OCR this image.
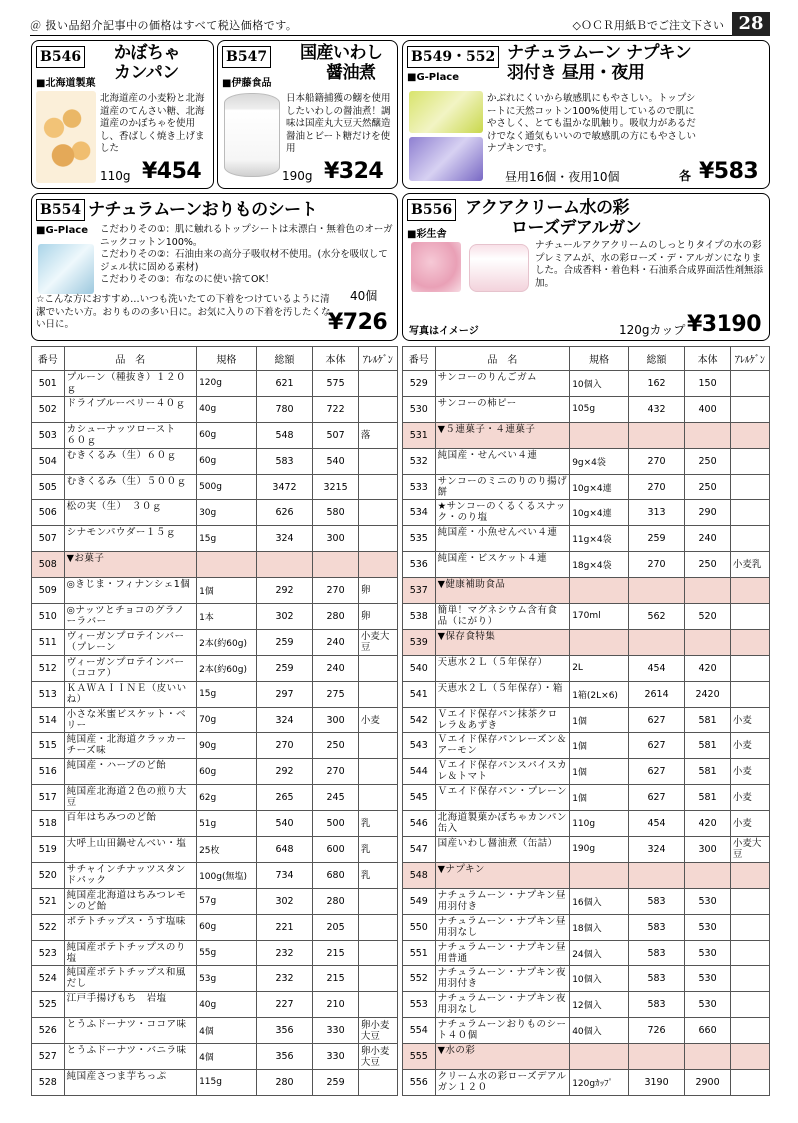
＠ 扱い品紹介記事中の価格はすべて税込価格です。	◇ＯＣＲ用紙Ｂでご注文下さい 28
B546 かぼちゃ
カンパン
■北海道製菓
北海道産の小麦粉と北海道産のてんさい糖、北海道産のかぼちゃを使用し、香ばしく焼き上げました
110g ¥454
B547 国産いわし
醤油煮
■伊藤食品
日本船籍捕獲の鰯を使用したいわしの醤油煮！調味は国産丸大豆天然醸造醤油とビート糖だけを使用
190g ¥324
B549・552 ナチュラムーン ナプキン
羽付き 昼用・夜用
■G-Place
かぶれにくいから敏感肌にもやさしい。トップシートに天然コットン100%使用しているので肌にやさしく、とても温かな肌触り。吸収力があるだけでなく通気もいいので敏感肌の方にもやさしいナプキンです。
昼用16個・夜用10個	各 ¥583
B554 ナチュラムーンおりものシート
■G-Place こだわりその①：肌に触れるトップシートは未漂白・無着色のオーガニックコットン100%。
こだわりその②：石油由来の高分子吸収材不使用。(水分を吸収してジェル状に固める素材)
こだわりその③：布なのに使い捨てOK！
☆こんな方におすすめ…いつも洗いたての下着をつけているように清潔でいたい方。おりものの多い日に。お気に入りの下着を汚したくない日に。
40個
¥726
B556 アクアクリーム水の彩
ローズデアルガン
■彩生舎
ナチュールアクアクリームのしっとりタイプの水の彩プレミアムが、水の彩ローズ・デ・アルガンになりました。合成香料・着色料・石油系合成界面活性剤無添加。
写真はイメージ	120gカップ ¥3190
番号	品　名	規格	総額	本体	ｱﾚﾙｹﾞﾝ
501	プルーン（種抜き）１２０ｇ	120g	621	575	
502	ドライブルーベリー４０ｇ	40g	780	722	
503	カシューナッツロースト　６０ｇ	60g	548	507	落
504	むきくるみ（生）６０ｇ	60g	583	540	
505	むきくるみ（生）５００ｇ	500g	3472	3215	
506	松の実（生）　３０ｇ	30g	626	580	
507	シナモンパウダー１５ｇ	15g	324	300	
508	▼お菓子				
509	◎きじま・フィナンシェ1個	1個	292	270	卵
510	◎ナッツとチョコのグラノーラバー	1本	302	280	卵
511	ヴィーガンプロテインバー（プレーン	2本(約60g)	259	240	小麦大豆
512	ヴィーガンプロテインバー（ココア）	2本(約60g)	259	240	
513	ＫＡＷＡＩＩＮＥ（皮いいね）	15g	297	275	
514	小さな米蜜ビスケット・ベリー	70g	324	300	小麦
515	純国産・北海道クラッカーチーズ味	90g	270	250	
516	純国産・ハーブのど飴	60g	292	270	
517	純国産北海道２色の煎り大豆	62g	265	245	
518	百年はちみつのど飴	51g	540	500	乳
519	大呼上山田鍋せんべい・塩	25枚	648	600	乳
520	サチャインチナッツスタンドパック	100g(無塩)	734	680	乳
521	純国産北海道はちみつレモンのど飴	57g	302	280	
522	ポテトチップス・うす塩味	60g	221	205	
523	純国産ポテトチップスのり塩	55g	232	215	
524	純国産ポテトチップス和風だし	53g	232	215	
525	江戸手揚げもち　岩塩	40g	227	210	
526	とうふドーナツ・ココア味	4個	356	330	卵小麦大豆
527	とうふドーナツ・バニラ味	4個	356	330	卵小麦大豆
528	純国産さつま芋ちっぷ	115g	280	259	
番号	品　名	規格	総額	本体	ｱﾚﾙｹﾞﾝ
529	サンコーのりんごガム	10個入	162	150	
530	サンコーの柿ピー	105g	432	400	
531	▼５連菓子・４連菓子				
532	純国産・せんべい４連	9g×4袋	270	250	
533	サンコーのミニのりのり揚げ餅	10g×4連	270	250	
534	★サンコーのくるくるスナック・のり塩	10g×4連	313	290	
535	純国産・小魚せんべい４連	11g×4袋	259	240	
536	純国産・ビスケット４連	18g×4袋	270	250	小麦乳
537	▼健康補助食品				
538	簡単！マグネシウム含有食品（にがり）	170ml	562	520	
539	▼保存食特集				
540	天恵水２Ｌ（５年保存）	2L	454	420	
541	天恵水２Ｌ（５年保存）・箱	1箱(2L×6)	2614	2420	
542	Ｖエイド保存パン抹茶クロレラ＆あずき	1個	627	581	小麦
543	Ｖエイド保存パンレーズン＆アーモン	1個	627	581	小麦
544	Ｖエイド保存パンスパイスカレ＆トマト	1個	627	581	小麦
545	Ｖエイド保存パン・プレーン	1個	627	581	小麦
546	北海道製菓かぼちゃカンパン缶入	110g	454	420	小麦
547	国産いわし醤油煮（缶詰）	190g	324	300	小麦大豆
548	▼ナプキン				
549	ナチュラムーン・ナプキン昼用羽付き	16個入	583	530	
550	ナチュラムーン・ナプキン昼用羽なし	18個入	583	530	
551	ナチュラムーン・ナプキン昼用普通	24個入	583	530	
552	ナチュラムーン・ナプキン夜用羽付き	10個入	583	530	
553	ナチュラムーン・ナプキン夜用羽なし	12個入	583	530	
554	ナチュラムーンおりものシート４０個	40個入	726	660	
555	▼水の彩				
556	クリーム水の彩ローズデアルガン１２０	120gｶｯﾌﾟ	3190	2900	
